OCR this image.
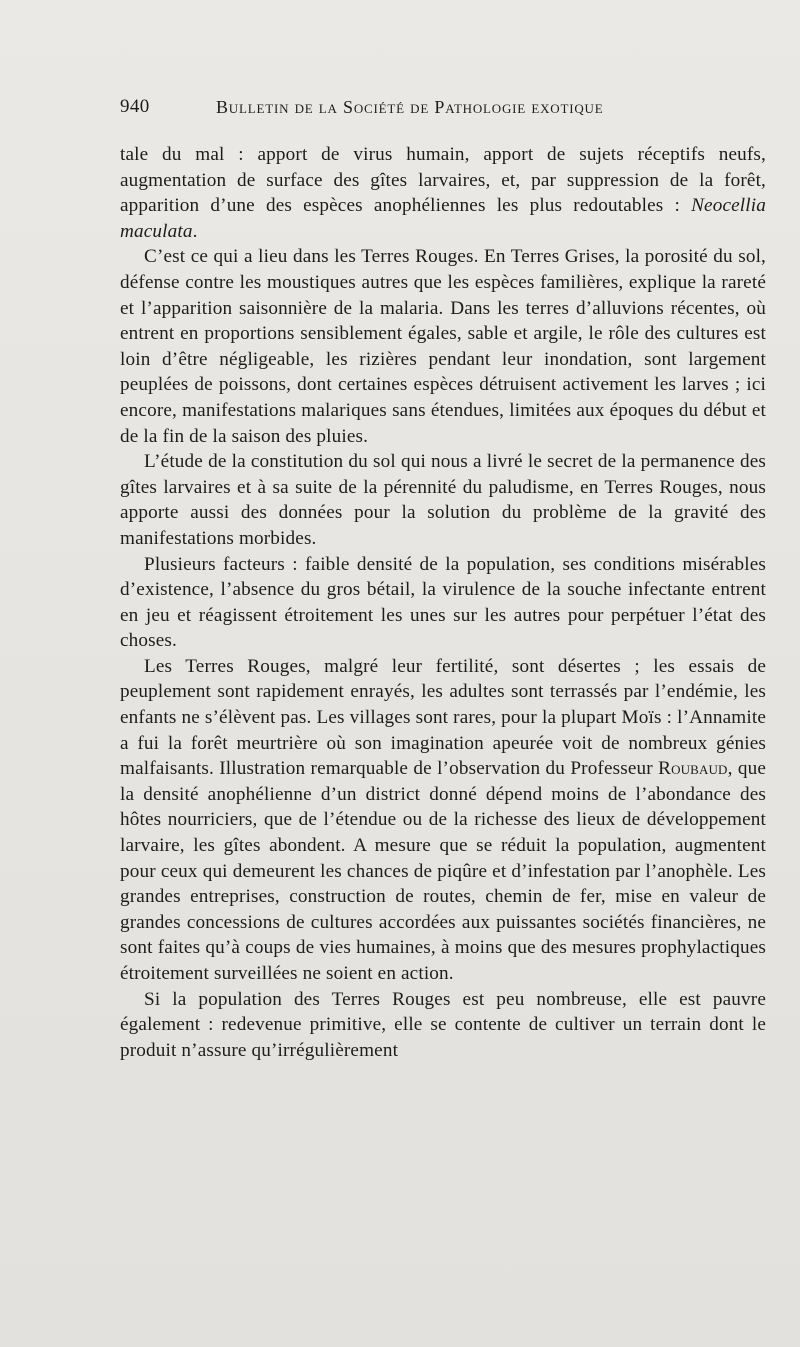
940	Bulletin de la Société de Pathologie exotique

tale du mal : apport de virus humain, apport de sujets réceptifs neufs, augmentation de surface des gîtes larvaires, et, par suppression de la forêt, apparition d’une des espèces anophéliennes les plus redoutables : Neocellia maculata.

C’est ce qui a lieu dans les Terres Rouges. En Terres Grises, la porosité du sol, défense contre les moustiques autres que les espèces familières, explique la rareté et l’apparition saisonnière de la malaria. Dans les terres d’alluvions récentes, où entrent en proportions sensiblement égales, sable et argile, le rôle des cultures est loin d’être négligeable, les rizières pendant leur inondation, sont largement peuplées de poissons, dont certaines espèces détruisent activement les larves ; ici encore, manifestations malariques sans étendues, limitées aux époques du début et de la fin de la saison des pluies.

L’étude de la constitution du sol qui nous a livré le secret de la permanence des gîtes larvaires et à sa suite de la pérennité du paludisme, en Terres Rouges, nous apporte aussi des données pour la solution du problème de la gravité des manifestations morbides.

Plusieurs facteurs : faible densité de la population, ses conditions misérables d’existence, l’absence du gros bétail, la virulence de la souche infectante entrent en jeu et réagissent étroitement les unes sur les autres pour perpétuer l’état des choses.

Les Terres Rouges, malgré leur fertilité, sont désertes ; les essais de peuplement sont rapidement enrayés, les adultes sont terrassés par l’endémie, les enfants ne s’élèvent pas. Les villages sont rares, pour la plupart Moïs : l’Annamite a fui la forêt meurtrière où son imagination apeurée voit de nombreux génies malfaisants. Illustration remarquable de l’observation du Professeur Roubaud, que la densité anophélienne d’un district donné dépend moins de l’abondance des hôtes nourriciers, que de l’étendue ou de la richesse des lieux de développement larvaire, les gîtes abondent. A mesure que se réduit la population, augmentent pour ceux qui demeurent les chances de piqûre et d’infestation par l’anophèle. Les grandes entreprises, construction de routes, chemin de fer, mise en valeur de grandes concessions de cultures accordées aux puissantes sociétés financières, ne sont faites qu’à coups de vies humaines, à moins que des mesures prophylactiques étroitement surveillées ne soient en action.

Si la population des Terres Rouges est peu nombreuse, elle est pauvre également : redevenue primitive, elle se contente de cultiver un terrain dont le produit n’assure qu’irrégulièrement
